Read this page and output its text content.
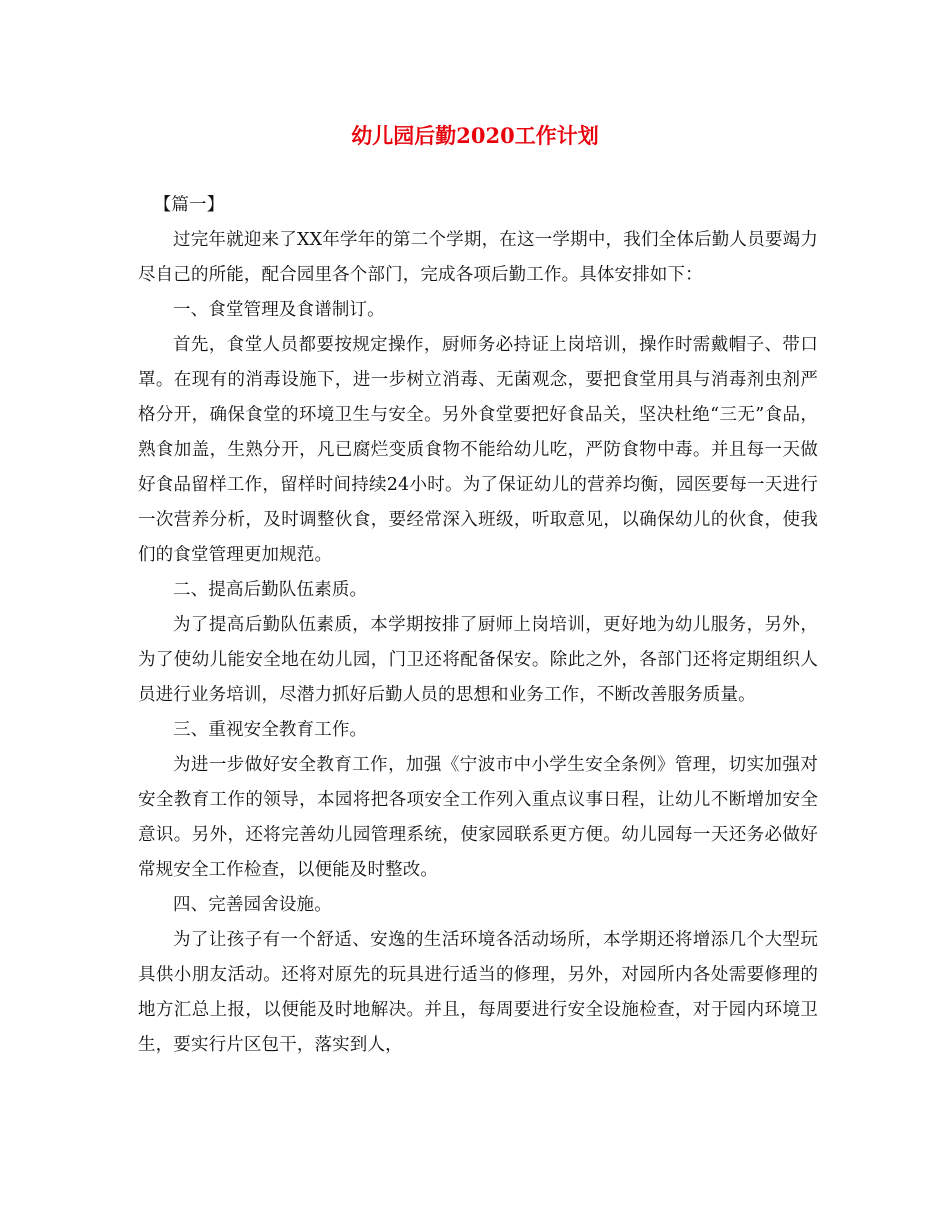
幼儿园后勤2020工作计划

【篇一】

过完年就迎来了XX年学年的第二个学期，在这一学期中，我们全体后勤人员要竭力尽自己的所能，配合园里各个部门，完成各项后勤工作。具体安排如下：

一、食堂管理及食谱制订。

首先，食堂人员都要按规定操作，厨师务必持证上岗培训，操作时需戴帽子、带口罩。在现有的消毒设施下，进一步树立消毒、无菌观念，要把食堂用具与消毒剂虫剂严格分开，确保食堂的环境卫生与安全。另外食堂要把好食品关，坚决杜绝“三无”食品，熟食加盖，生熟分开，凡已腐烂变质食物不能给幼儿吃，严防食物中毒。并且每一天做好食品留样工作，留样时间持续24小时。为了保证幼儿的营养均衡，园医要每一天进行一次营养分析，及时调整伙食，要经常深入班级，听取意见，以确保幼儿的伙食，使我们的食堂管理更加规范。

二、提高后勤队伍素质。

为了提高后勤队伍素质，本学期按排了厨师上岗培训，更好地为幼儿服务，另外，为了使幼儿能安全地在幼儿园，门卫还将配备保安。除此之外，各部门还将定期组织人员进行业务培训，尽潜力抓好后勤人员的思想和业务工作，不断改善服务质量。

三、重视安全教育工作。

为进一步做好安全教育工作，加强《宁波市中小学生安全条例》管理，切实加强对安全教育工作的领导，本园将把各项安全工作列入重点议事日程，让幼儿不断增加安全意识。另外，还将完善幼儿园管理系统，使家园联系更方便。幼儿园每一天还务必做好常规安全工作检查，以便能及时整改。

四、完善园舍设施。

为了让孩子有一个舒适、安逸的生活环境各活动场所，本学期还将增添几个大型玩具供小朋友活动。还将对原先的玩具进行适当的修理，另外，对园所内各处需要修理的地方汇总上报，以便能及时地解决。并且，每周要进行安全设施检查，对于园内环境卫生，要实行片区包干，落实到人，
